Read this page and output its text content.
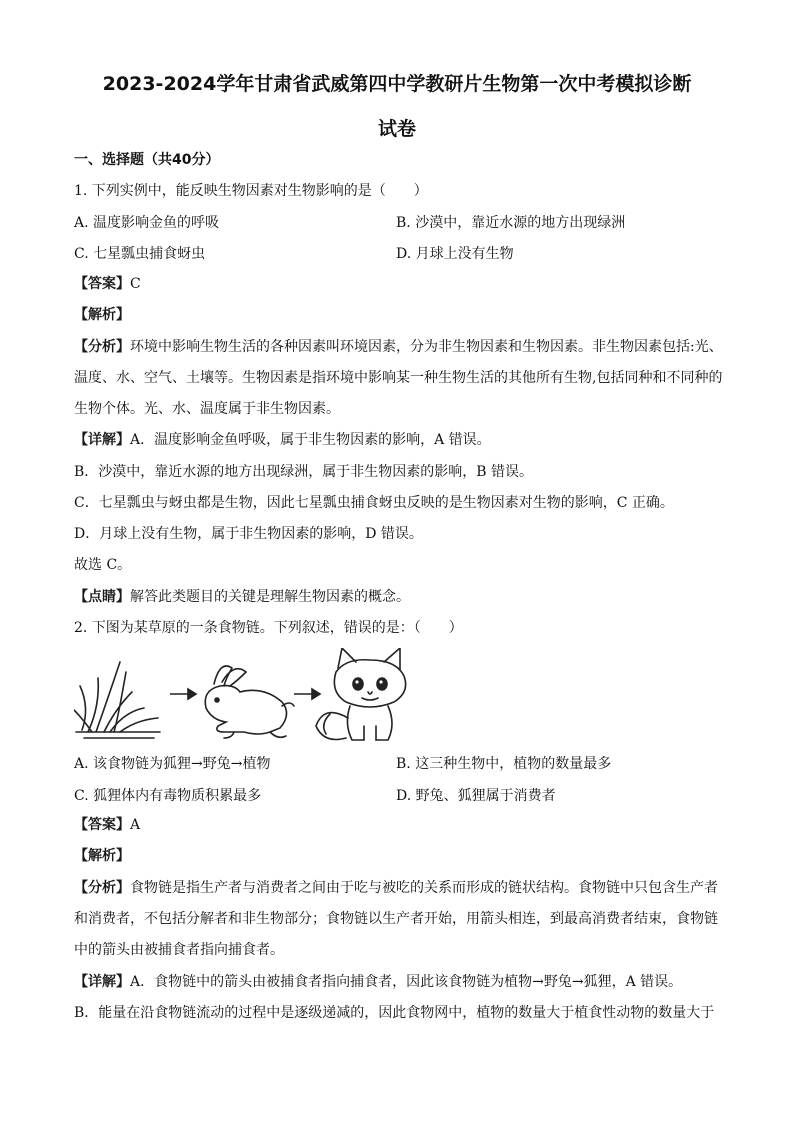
2023-2024学年甘肃省武威第四中学教研片生物第一次中考模拟诊断
试卷
一、选择题（共40分）
1. 下列实例中，能反映生物因素对生物影响的是（　　）
A. 温度影响金鱼的呼吸	B. 沙漠中，靠近水源的地方出现绿洲
C. 七星瓢虫捕食蚜虫	D. 月球上没有生物
【答案】C
【解析】
【分析】环境中影响生物生活的各种因素叫环境因素，分为非生物因素和生物因素。非生物因素包括:光、
温度、水、空气、土壤等。生物因素是指环境中影响某一种生物生活的其他所有生物,包括同种和不同种的
生物个体。光、水、温度属于非生物因素。
【详解】A．温度影响金鱼呼吸，属于非生物因素的影响，A 错误。
B．沙漠中，靠近水源的地方出现绿洲，属于非生物因素的影响，B 错误。
C．七星瓢虫与蚜虫都是生物，因此七星瓢虫捕食蚜虫反映的是生物因素对生物的影响，C 正确。
D．月球上没有生物，属于非生物因素的影响，D 错误。
故选 C。
【点睛】解答此类题目的关键是理解生物因素的概念。
2. 下图为某草原的一条食物链。下列叙述，错误的是：（　　）
A. 该食物链为狐狸→野兔→植物	B. 这三种生物中，植物的数量最多
C. 狐狸体内有毒物质积累最多	D. 野兔、狐狸属于消费者
【答案】A
【解析】
【分析】食物链是指生产者与消费者之间由于吃与被吃的关系而形成的链状结构。食物链中只包含生产者
和消费者，不包括分解者和非生物部分；食物链以生产者开始，用箭头相连，到最高消费者结束，食物链
中的箭头由被捕食者指向捕食者。
【详解】A．食物链中的箭头由被捕食者指向捕食者，因此该食物链为植物→野兔→狐狸，A 错误。
B．能量在沿食物链流动的过程中是逐级递减的，因此食物网中，植物的数量大于植食性动物的数量大于
